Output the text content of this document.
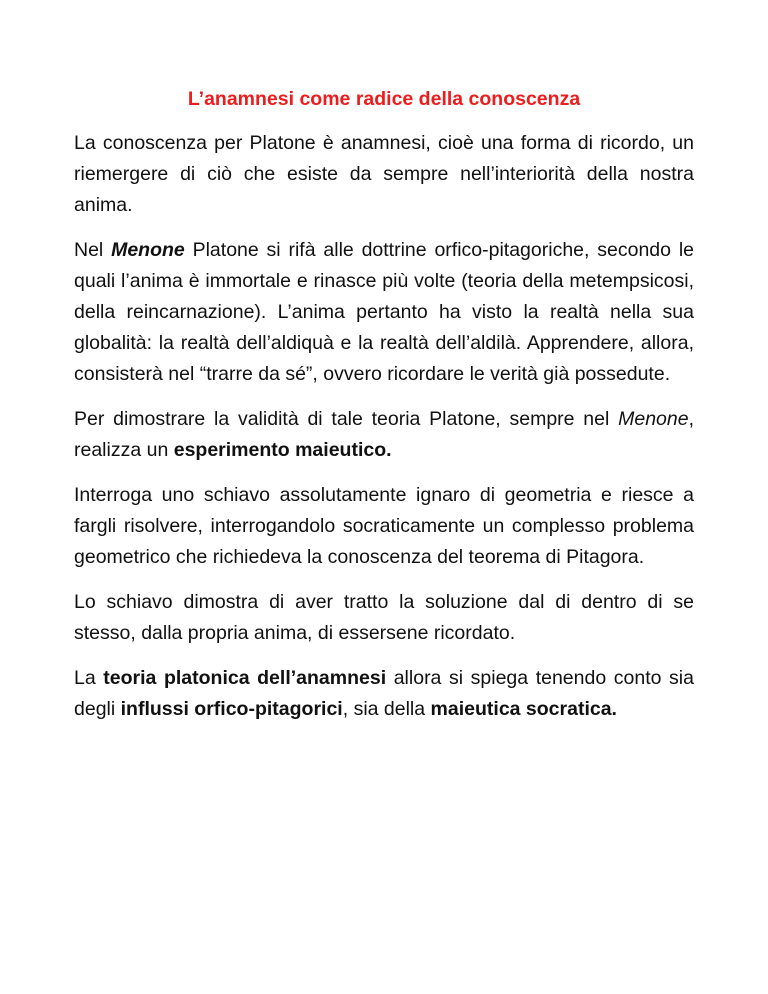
L’anamnesi come radice della conoscenza

La conoscenza per Platone è anamnesi, cioè una forma di ricordo, un riemergere di ciò che esiste da sempre nell’interiorità della nostra anima.

Nel Menone Platone si rifà alle dottrine orfico-pitagoriche, secondo le quali l’anima è immortale e rinasce più volte (teoria della metempsicosi, della reincarnazione). L’anima pertanto ha visto la realtà nella sua globalità: la realtà dell’aldiquà e la realtà dell’aldilà. Apprendere, allora, consisterà nel “trarre da sé”, ovvero ricordare le verità già possedute.

Per dimostrare la validità di tale teoria Platone, sempre nel Menone, realizza un esperimento maieutico.

Interroga uno schiavo assolutamente ignaro di geometria e riesce a fargli risolvere, interrogandolo socraticamente un complesso problema geometrico che richiedeva la conoscenza del teorema di Pitagora.

Lo schiavo dimostra di aver tratto la soluzione dal di dentro di se stesso, dalla propria anima, di essersene ricordato.

La teoria platonica dell’anamnesi allora si spiega tenendo conto sia degli influssi orfico-pitagorici, sia della maieutica socratica.
